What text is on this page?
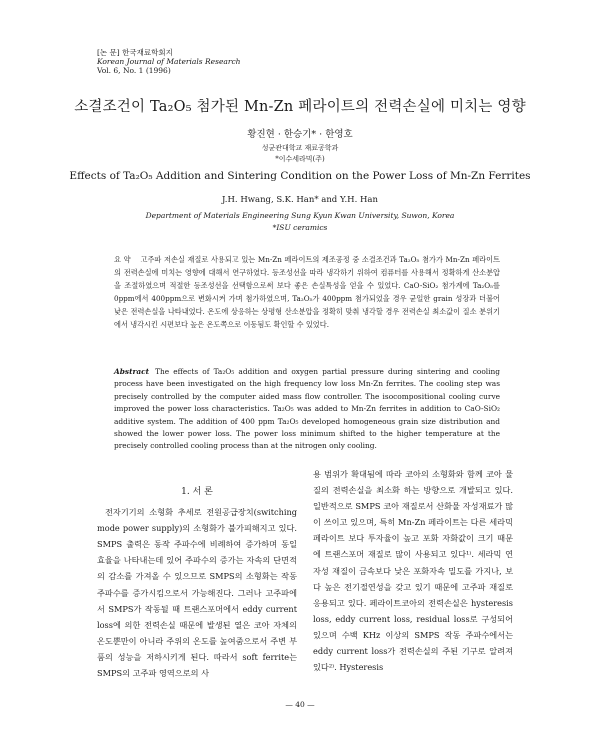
[논 문] 한국재료학회지
Korean Journal of Materials Research
Vol. 6, No. 1 (1996)
소결조건이 Ta₂O₅ 첨가된 Mn-Zn 페라이트의 전력손실에 미치는 영향
황진현 · 한승기* · 한영호
성균관대학교 재료공학과
*이수세라믹(주)
Effects of Ta₂O₅ Addition and Sintering Condition on the Power Loss of Mn-Zn Ferrites
J.H. Hwang, S.K. Han* and Y.H. Han
Department of Materials Engineering Sung Kyun Kwan University, Suwon, Korea
*ISU ceramics
요 약 고주파 저손실 재질로 사용되고 있는 Mn-Zn 페라이트의 제조공정 중 소결조건과 Ta₂O₅ 첨가가 Mn-Zn 페라이트의 전력손실에 미치는 영향에 대해서 연구하였다. 등조성선을 따라 냉각하기 위하여 컴퓨터를 사용해서 정확하게 산소분압을 조절하였으며 적절한 등조성선을 선택함으로써 보다 좋은 손실특성을 얻을 수 있었다. CaO-SiO₂ 첨가계에 Ta₂O₅를 0ppm에서 400ppm으로 변화시켜 가며 첨가하였으며, Ta₂O₅가 400ppm 첨가되었을 경우 균일한 grain 성장과 더불어 낮은 전력손실을 나타내었다. 온도에 상응하는 상평형 산소분압을 정확히 맞춰 냉각할 경우 전력손실 최소값이 질소 분위기에서 냉각시킨 시편보다 높은 온도쪽으로 이동됨도 확인할 수 있었다.
Abstract The effects of Ta₂O₅ addition and oxygen partial pressure during sintering and cooling process have been investigated on the high frequency low loss Mn-Zn ferrites. The cooling step was precisely controlled by the computer aided mass flow controller. The isocompositional cooling curve improved the power loss characteristics. Ta₂O₅ was added to Mn-Zn ferrites in addition to CaO-SiO₂ additive system. The addition of 400 ppm Ta₂O₅ developed homogeneous grain size distribution and showed the lower power loss. The power loss minimum shifted to the higher temperature at the precisely controlled cooling process than at the nitrogen only cooling.
1. 서 론

전자기기의 소형화 추세로 전원공급장치(switching mode power supply)의 소형화가 불가피해지고 있다. SMPS 출력은 동작 주파수에 비례하여 증가하며 동일 효율을 나타내는데 있어 주파수의 증가는 자속의 단면적의 감소를 가져올 수 있으므로 SMPS의 소형화는 작동 주파수를 증가시킴으로서 가능해진다. 그러나 고주파에서 SMPS가 작동될 때 트랜스포머에서 eddy current loss에 의한 전력손실 때문에 발생된 열은 코아 자체의 온도뿐만이 아니라 주위의 온도를 높여줌으로서 주변 부품의 성능을 저하시키게 된다. 따라서 soft ferrite는 SMPS의 고주파 영역으로의 사

용 범위가 확대됨에 따라 코아의 소형화와 함께 코아 물질의 전력손실을 최소화 하는 방향으로 개발되고 있다. 일반적으로 SMPS 코아 재질로서 산화물 자성재료가 많이 쓰이고 있으며, 특히 Mn-Zn 페라이트는 다른 세라믹 페라이트 보다 투자율이 높고 포화 자화값이 크기 때문에 트랜스포머 재질로 많이 사용되고 있다¹⁾. 세라믹 연자성 재질이 금속보다 낮은 포화자속 밀도를 가지나, 보다 높은 전기절연성을 갖고 있기 때문에 고주파 재질로 응용되고 있다. 페라이트코아의 전력손실은 hysteresis loss, eddy current loss, residual loss로 구성되어 있으며 수백 KHz 이상의 SMPS 작동 주파수에서는 eddy current loss가 전력손실의 주된 기구로 알려져 있다²⁾. Hysteresis

— 40 —
